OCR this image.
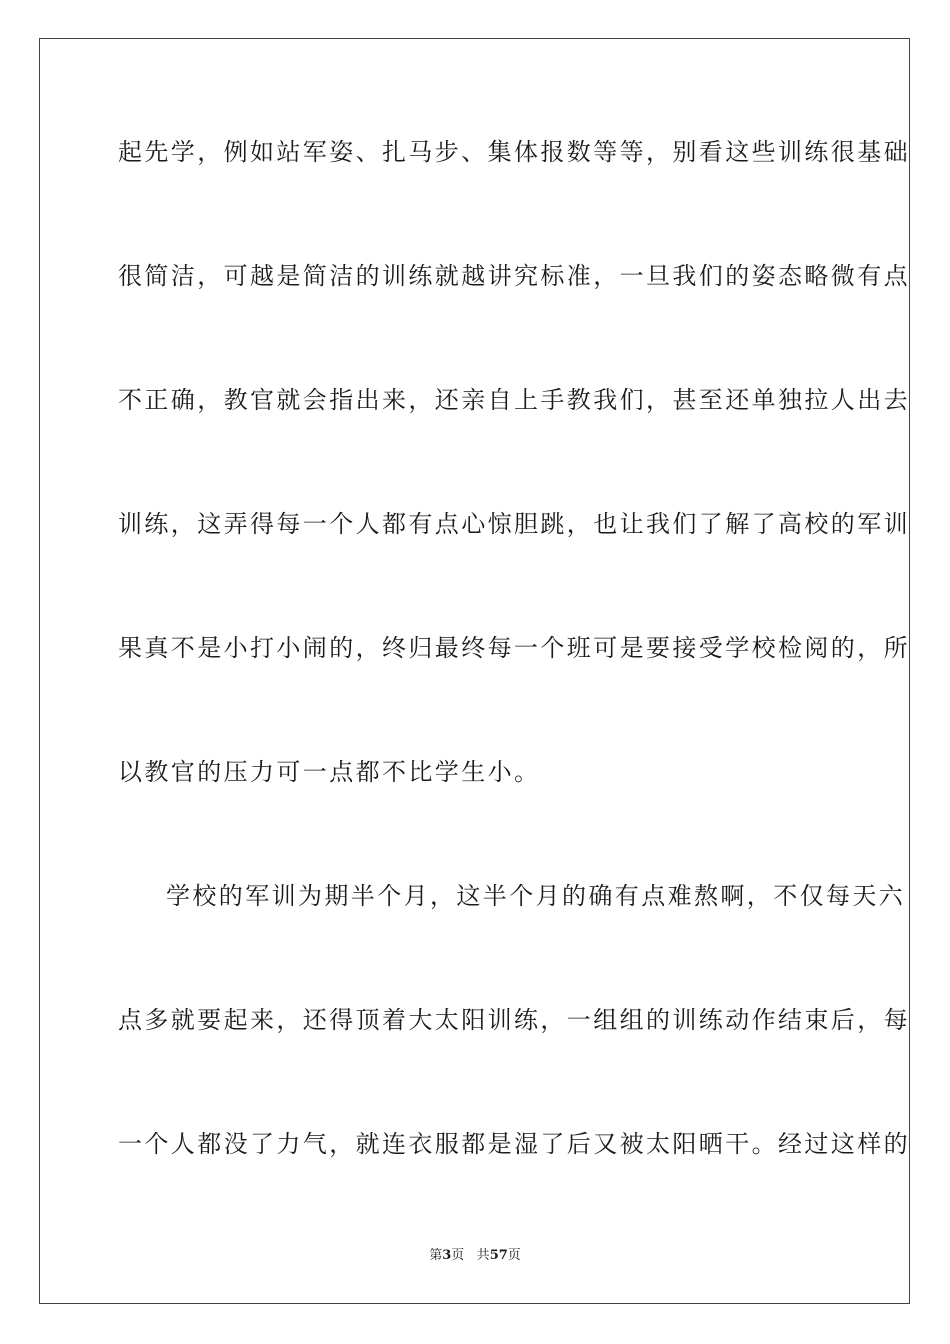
起先学，例如站军姿、扎马步、集体报数等等，别看这些训练很基础
很简洁，可越是简洁的训练就越讲究标准，一旦我们的姿态略微有点
不正确，教官就会指出来，还亲自上手教我们，甚至还单独拉人出去
训练，这弄得每一个人都有点心惊胆跳，也让我们了解了高校的军训
果真不是小打小闹的，终归最终每一个班可是要接受学校检阅的，所
以教官的压力可一点都不比学生小。
学校的军训为期半个月，这半个月的确有点难熬啊，不仅每天六
点多就要起来，还得顶着大太阳训练，一组组的训练动作结束后，每
一个人都没了力气，就连衣服都是湿了后又被太阳晒干。经过这样的
第3页 共57页
